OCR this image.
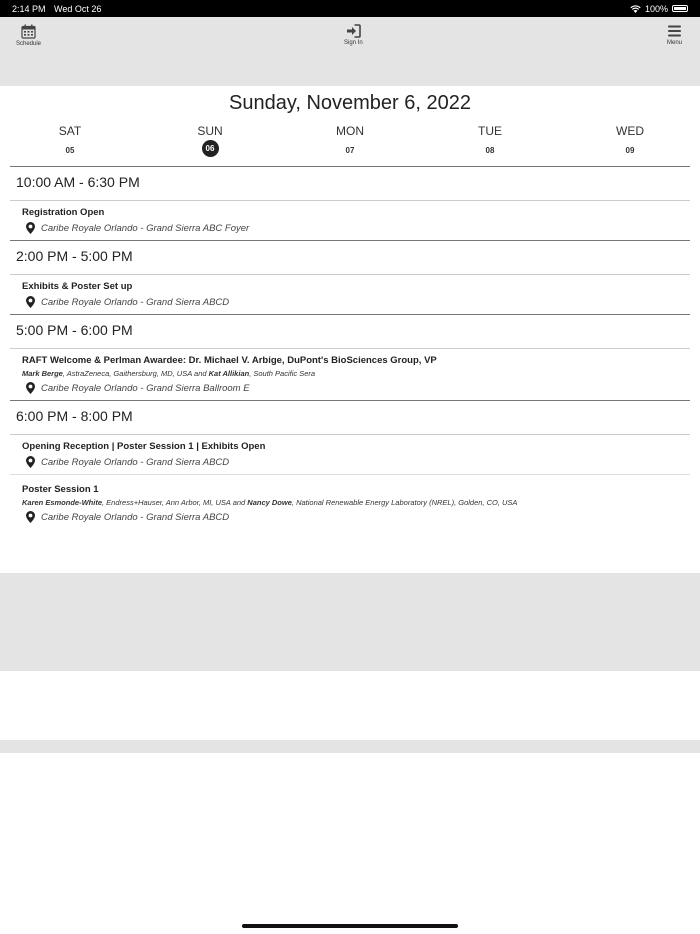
2:14 PM Wed Oct 26	100%
Schedule	Sign In	Menu
Sunday, November 6, 2022
SAT
05
SUN
06
MON
07
TUE
08
WED
09
10:00 AM - 6:30 PM
Registration Open
Caribe Royale Orlando - Grand Sierra ABC Foyer
2:00 PM - 5:00 PM
Exhibits & Poster Set up
Caribe Royale Orlando - Grand Sierra ABCD
5:00 PM - 6:00 PM
RAFT Welcome & Perlman Awardee: Dr. Michael V. Arbige, DuPont's BioSciences Group, VP
Mark Berge, AstraZeneca, Gaithersburg, MD, USA and Kat Allikian, South Pacific Sera
Caribe Royale Orlando - Grand Sierra Ballroom E
6:00 PM - 8:00 PM
Opening Reception | Poster Session 1 | Exhibits Open
Caribe Royale Orlando - Grand Sierra ABCD
Poster Session 1
Karen Esmonde-White, Endress+Hauser, Ann Arbor, MI, USA and Nancy Dowe, National Renewable Energy Laboratory (NREL), Golden, CO, USA
Caribe Royale Orlando - Grand Sierra ABCD
